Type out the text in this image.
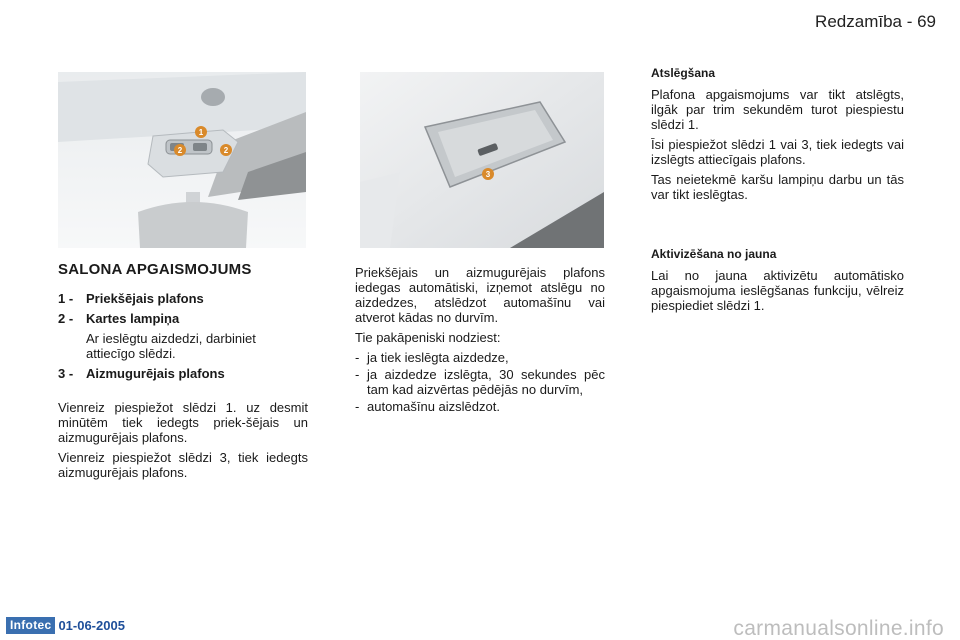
Redzamība - 69
1
2	2
3
SALONA APGAISMOJUMS
1 - Priekšējais plafons
2 - Kartes lampiņa
Ar ieslēgtu aizdedzi, darbiniet attiecīgo slēdzi.
3 - Aizmugurējais plafons

Vienreiz piespiežot slēdzi 1. uz desmit minūtēm tiek iedegts priek-šējais un aizmugurējais plafons.

Vienreiz piespiežot slēdzi 3, tiek iedegts aizmugurējais plafons.

Priekšējais un aizmugurējais plafons iedegas automātiski, izņemot atslēgu no aizdedzes, atslēdzot automašīnu vai atverot kādas no durvīm.

Tie pakāpeniski nodziest:

- ja tiek ieslēgta aizdedze,
- ja aizdedze izslēgta, 30 sekundes pēc tam kad aizvērtas pēdējās no durvīm,
- automašīnu aizslēdzot.
Atslēgšana

Plafona apgaismojums var tikt atslēgts, ilgāk par trim sekundēm turot piespiestu slēdzi 1.

Īsi piespiežot slēdzi 1 vai 3, tiek iedegts vai izslēgts attiecīgais plafons.

Tas neietekmē karšu lampiņu darbu un tās var tikt ieslēgtas.

Aktivizēšana no jauna

Lai no jauna aktivizētu automātisko apgaismojuma ieslēgšanas funkciju, vēlreiz piespiediet slēdzi 1.

Infotec 01-06-2005	carmanualsonline.info
